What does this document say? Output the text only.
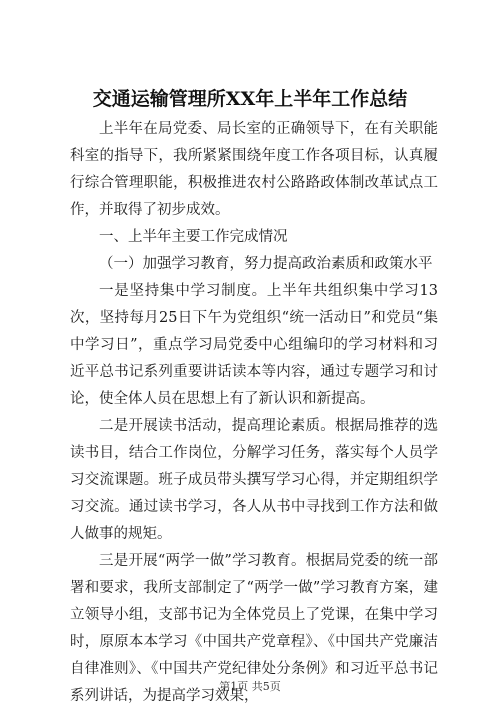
交通运输管理所XX年上半年工作总结

上半年在局党委、局长室的正确领导下，在有关职能科室的指导下，我所紧紧围绕年度工作各项目标，认真履行综合管理职能，积极推进农村公路路政体制改革试点工作，并取得了初步成效。

一、上半年主要工作完成情况

（一）加强学习教育，努力提高政治素质和政策水平

一是坚持集中学习制度。上半年共组织集中学习13次，坚持每月25日下午为党组织“统一活动日”和党员“集中学习日”，重点学习局党委中心组编印的学习材料和习近平总书记系列重要讲话读本等内容，通过专题学习和讨论，使全体人员在思想上有了新认识和新提高。

二是开展读书活动，提高理论素质。根据局推荐的选读书目，结合工作岗位，分解学习任务，落实每个人员学习交流课题。班子成员带头撰写学习心得，并定期组织学习交流。通过读书学习，各人从书中寻找到工作方法和做人做事的规矩。

三是开展“两学一做”学习教育。根据局党委的统一部署和要求，我所支部制定了“两学一做”学习教育方案，建立领导小组，支部书记为全体党员上了党课，在集中学习时，原原本本学习《中国共产党章程》、《中国共产党廉洁自律准则》、《中国共产党纪律处分条例》和习近平总书记系列讲话，为提高学习效果，

第1页 共5页
